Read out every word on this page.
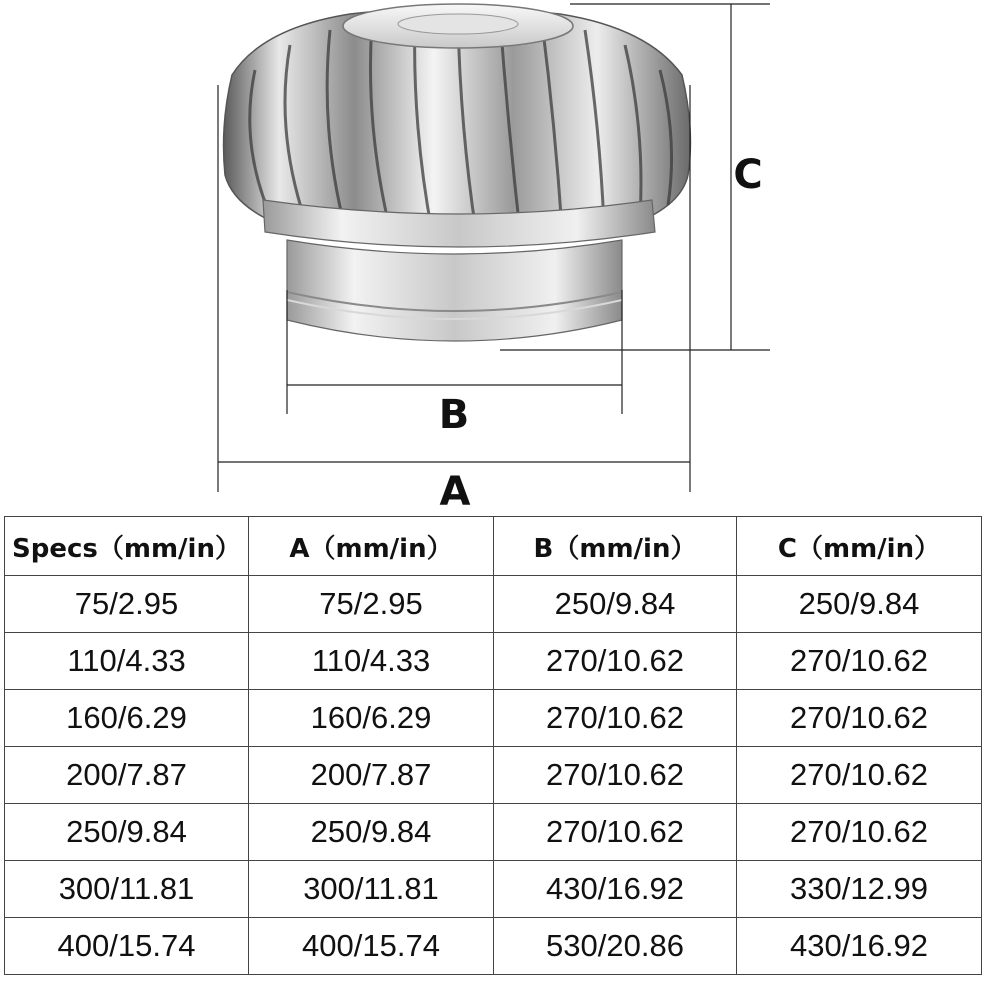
C
B
A
Specs（mm/in）	A（mm/in）	B（mm/in）	C（mm/in）
75/2.95	75/2.95	250/9.84	250/9.84
110/4.33	110/4.33	270/10.62	270/10.62
160/6.29	160/6.29	270/10.62	270/10.62
200/7.87	200/7.87	270/10.62	270/10.62
250/9.84	250/9.84	270/10.62	270/10.62
300/11.81	300/11.81	430/16.92	330/12.99
400/15.74	400/15.74	530/20.86	430/16.92
